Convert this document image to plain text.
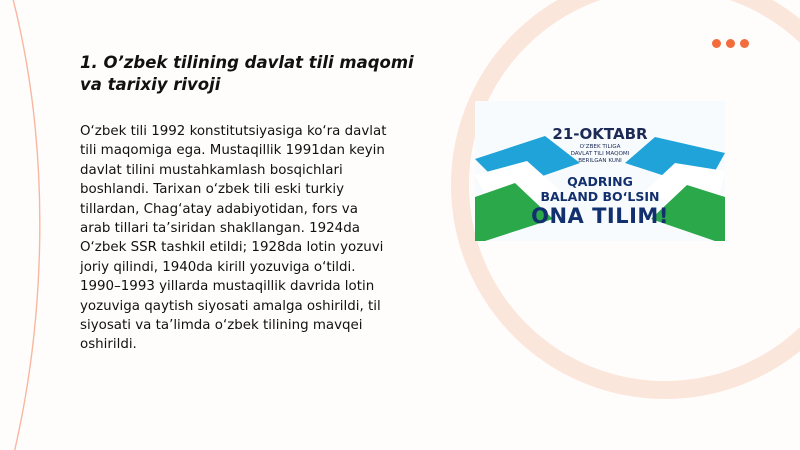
1. O’zbek tilining davlat tili maqomi
va tarixiy rivoji

O‘zbek tili 1992 konstitutsiyasiga ko‘ra davlat
tili maqomiga ega. Mustaqillik 1991dan keyin
davlat tilini mustahkamlash bosqichlari
boshlandi. Tarixan o‘zbek tili eski turkiy
tillardan, Chag‘atay adabiyotidan, fors va
arab tillari ta’siridan shakllangan. 1924da
O‘zbek SSR tashkil etildi; 1928da lotin yozuvi
joriy qilindi, 1940da kirill yozuviga o‘tildi.
1990–1993 yillarda mustaqillik davrida lotin
yozuviga qaytish siyosati amalga oshirildi, til
siyosati va ta’limda o‘zbek tilining mavqei
oshirildi.

21-OKTABR
O‘ZBEK TILIGA
DAVLAT TILI MAQOMI
BERILGAN KUNI
QADRING
BALAND BO‘LSIN
ONA TILIM!
